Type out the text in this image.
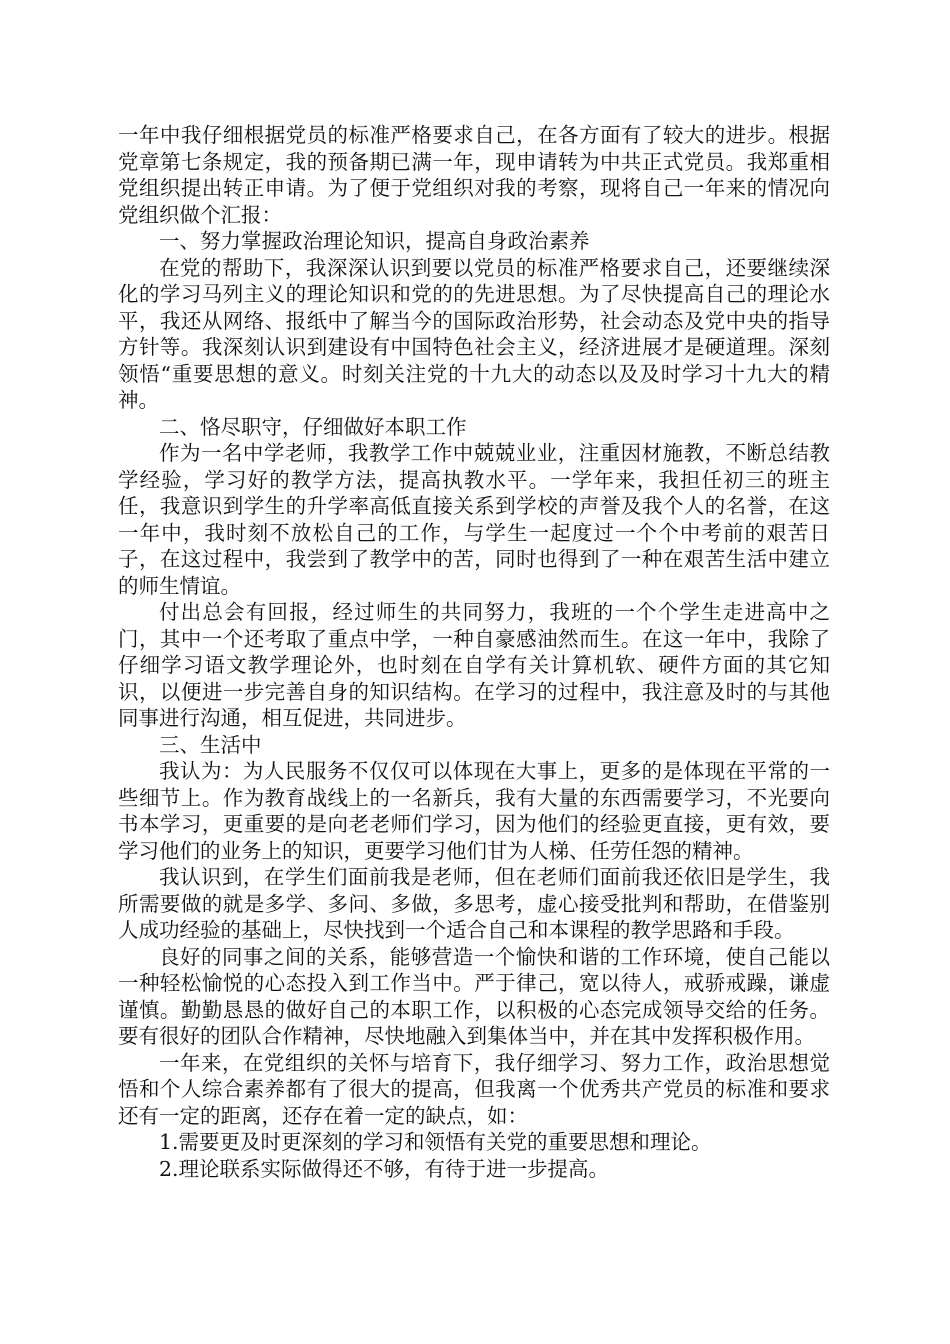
一年中我仔细根据党员的标准严格要求自己，在各方面有了较大的进步。根据党章第七条规定，我的预备期已满一年，现申请转为中共正式党员。我郑重相党组织提出转正申请。为了便于党组织对我的考察，现将自己一年来的情况向党组织做个汇报：

一、努力掌握政治理论知识，提高自身政治素养

在党的帮助下，我深深认识到要以党员的标准严格要求自己，还要继续深化的学习马列主义的理论知识和党的的先进思想。为了尽快提高自己的理论水平，我还从网络、报纸中了解当今的国际政治形势，社会动态及党中央的指导方针等。我深刻认识到建设有中国特色社会主义，经济进展才是硬道理。深刻领悟“重要思想的意义。时刻关注党的十九大的动态以及及时学习十九大的精神。

二、恪尽职守，仔细做好本职工作

作为一名中学老师，我教学工作中兢兢业业，注重因材施教，不断总结教学经验，学习好的教学方法，提高执教水平。一学年来，我担任初三的班主任，我意识到学生的升学率高低直接关系到学校的声誉及我个人的名誉，在这一年中，我时刻不放松自己的工作，与学生一起度过一个个中考前的艰苦日子，在这过程中，我尝到了教学中的苦，同时也得到了一种在艰苦生活中建立的师生情谊。

付出总会有回报，经过师生的共同努力，我班的一个个学生走进高中之门，其中一个还考取了重点中学，一种自豪感油然而生。在这一年中，我除了仔细学习语文教学理论外，也时刻在自学有关计算机软、硬件方面的其它知识，以便进一步完善自身的知识结构。在学习的过程中，我注意及时的与其他同事进行沟通，相互促进，共同进步。

三、生活中

我认为：为人民服务不仅仅可以体现在大事上，更多的是体现在平常的一些细节上。作为教育战线上的一名新兵，我有大量的东西需要学习，不光要向书本学习，更重要的是向老老师们学习，因为他们的经验更直接，更有效，要学习他们的业务上的知识，更要学习他们甘为人梯、任劳任怨的精神。

我认识到，在学生们面前我是老师，但在老师们面前我还依旧是学生，我所需要做的就是多学、多问、多做，多思考，虚心接受批判和帮助，在借鉴别人成功经验的基础上，尽快找到一个适合自己和本课程的教学思路和手段。

良好的同事之间的关系，能够营造一个愉快和谐的工作环境，使自己能以一种轻松愉悦的心态投入到工作当中。严于律己，宽以待人，戒骄戒躁，谦虚谨慎。勤勤恳恳的做好自己的本职工作，以积极的心态完成领导交给的任务。要有很好的团队合作精神，尽快地融入到集体当中，并在其中发挥积极作用。

一年来，在党组织的关怀与培育下，我仔细学习、努力工作，政治思想觉悟和个人综合素养都有了很大的提高，但我离一个优秀共产党员的标准和要求还有一定的距离，还存在着一定的缺点，如：

1.需要更及时更深刻的学习和领悟有关党的重要思想和理论。

2.理论联系实际做得还不够，有待于进一步提高。
